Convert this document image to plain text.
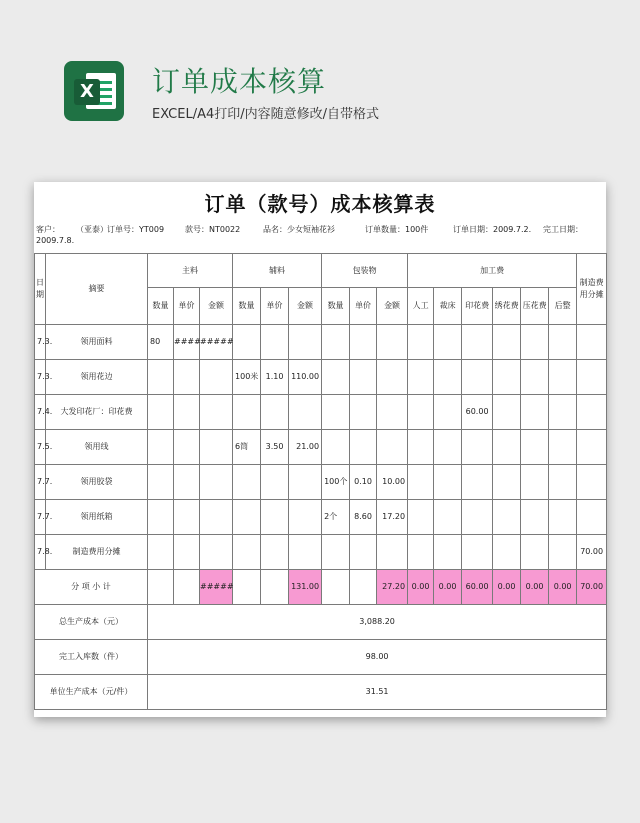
X 订单成本核算
EXCEL/A4打印/内容随意修改/自带格式
订单（款号）成本核算表
客户： （亚泰） 订单号：YT009	款号：NT0022	品名：少女短袖花衫	订单数量：100件	订单日期：2009.7.2. 完工日期：
2009.7.8.
日期	摘要	主料			辅料			包装物			加工费						制造费用分摊
		数量	单价	金额	数量	单价	金额	数量	单价	金额	人工	裁床	印花费	绣花费	压花费	后整	
7.3.	领用面料	80	####	#####													
7.3.	领用花边				100米	1.10	110.00										
7.4.	大发印花厂：印花费												60.00				
7.5.	领用线				6筒	3.50	21.00										
7.7.	领用胶袋							100个	0.10	10.00							
7.7.	领用纸箱							2个	8.60	17.20							
7.8.	制造费用分摊																70.00
分 项 小 计				#####			131.00			27.20	0.00	0.00	60.00	0.00	0.00	0.00	70.00
总生产成本（元）		3,088.20															
完工入库数（件）		98.00															
单位生产成本（元/件）		31.51															
